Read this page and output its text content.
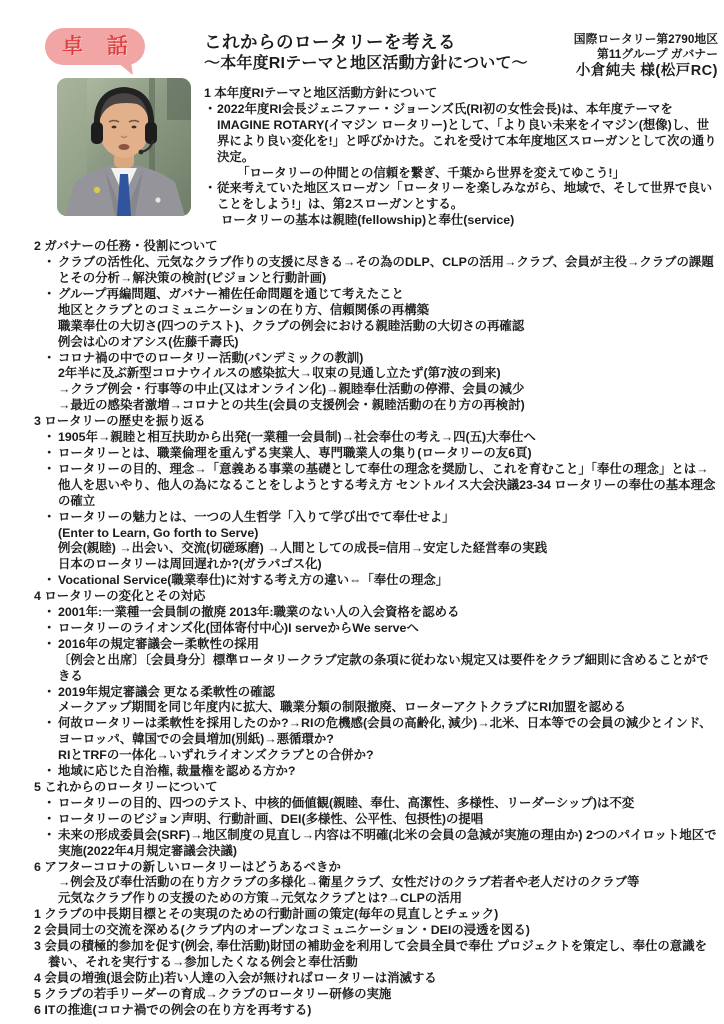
卓 話	これからのロータリーを考える
～本年度RIテーマと地区活動方針について～
国際ロータリー第2790地区
第11グループ ガバナー
小倉純夫 様(松戸RC)
1 本年度RIテーマと地区活動方針について
・ 2022年度RI会長ジェニファー・ジョーンズ氏(RI初の女性会長)は、本年度テーマをIMAGINE ROTARY(イマジン ロータリー)として、「より良い未来をイマジン(想像)し、世界により良い変化を!」と呼びかけた。これを受けて本年度地区スローガンとして次の通り決定。
「ロータリーの仲間との信頼を繋ぎ、千葉から世界を変えてゆこう!」
・ 従来考えていた地区スローガン「ロータリーを楽しみながら、地域で、そして世界で良いことをしよう!」は、第2スローガンとする。
ロータリーの基本は親睦(fellowship)と奉仕(service)
2 ガバナーの任務・役割について
・ クラブの活性化、元気なクラブ作りの支援に尽きる→その為のDLP、CLPの活用→クラブ、会員が主役→クラブの課題とその分析→解決策の検討(ビジョンと行動計画)
・ グループ再編問題、ガバナー補佐任命問題を通じて考えたこと
地区とクラブとのコミュニケーションの在り方、信頼関係の再構築
職業奉仕の大切さ(四つのテスト)、クラブの例会における親睦活動の大切さの再確認
例会は心のオアシス(佐藤千壽氏)
・ コロナ禍の中でのロータリー活動(パンデミックの教訓)
2年半に及ぶ新型コロナウイルスの感染拡大→収束の見通し立たず(第7波の到来)
→クラブ例会・行事等の中止(又はオンライン化)→親睦奉仕活動の停滞、会員の減少
→最近の感染者激増→コロナとの共生(会員の支援例会・親睦活動の在り方の再検討)
3 ロータリーの歴史を振り返る
・ 1905年→親睦と相互扶助から出発(一業種一会員制)→社会奉仕の考え→四(五)大奉仕へ
・ ロータリーとは、職業倫理を重んずる実業人、専門職業人の集り(ロータリーの友6頁)
・ ロータリーの目的、理念→「意義ある事業の基礎として奉仕の理念を奨励し、これを育むこと」「奉仕の理念」とは→他人を思いやり、他人の為になることをしようとする考え方 セントルイス大会決議23-34 ロータリーの奉仕の基本理念の確立
・ ロータリーの魅力とは、一つの人生哲学「入りて学び出でて奉仕せよ」
(Enter to Learn, Go forth to Serve)
例会(親睦) →出会い、交流(切磋琢磨) →人間としての成長=信用→安定した経営奉の実践
日本のロータリーは周回遅れか?(ガラパゴス化)
・ Vocational Service(職業奉仕)に対する考え方の違い⇔「奉仕の理念」
4 ロータリーの変化とその対応
・ 2001年:一業種一会員制の撤廃 2013年:職業のない人の入会資格を認める
・ ロータリーのライオンズ化(団体寄付中心)I serveからWe serveへ
・ 2016年の規定審議会ー柔軟性の採用
〔例会と出席〕〔会員身分〕標準ロータリークラブ定款の条項に従わない規定又は要件をクラブ細則に含めることができる
・ 2019年規定審議会 更なる柔軟性の確認
メークアップ期間を同じ年度内に拡大、職業分類の制限撤廃、ローターアクトクラブにRI加盟を認める
・ 何故ロータリーは柔軟性を採用したのか?→RIの危機感(会員の高齢化, 減少)→北米、日本等での会員の減少とインド、ヨーロッパ、韓国での会員増加(別紙)→悪循環か?
RIとTRFの一体化→いずれライオンズクラブとの合併か?
・ 地域に応じた自治権, 裁量権を認める方か?
5 これからのロータリーについて
・ ロータリーの目的、四つのテスト、中核的価値観(親睦、奉仕、高潔性、多様性、リーダーシップ)は不変
・ ロータリーのビジョン声明、行動計画、DEI(多様性、公平性、包摂性)の提唱
・ 未来の形成委員会(SRF)→地区制度の見直し→内容は不明確(北米の会員の急減が実施の理由か) 2つのパイロット地区で実施(2022年4月規定審議会決議)
6 アフターコロナの新しいロータリーはどうあるべきか
→例会及び奉仕活動の在り方クラブの多様化→衛星クラブ、女性だけのクラブ若者や老人だけのクラブ等
元気なクラブ作りの支援のための方策→元気なクラブとは?→CLPの活用
1 クラブの中長期目標とその実現のための行動計画の策定(毎年の見直しとチェック)
2 会員同士の交流を深める(クラブ内のオープンなコミュニケーション・DEIの浸透を図る)
3 会員の積極的参加を促す(例会, 奉仕活動)財団の補助金を利用して会員全員で奉仕 プロジェクトを策定し、奉仕の意識を養い、それを実行する→参加したくなる例会と奉仕活動
4 会員の増強(退会防止)若い人達の入会が無ければロータリーは消滅する
5 クラブの若手リーダーの育成→クラブのロータリー研修の実施
6 ITの推進(コロナ禍での例会の在り方を再考する)
